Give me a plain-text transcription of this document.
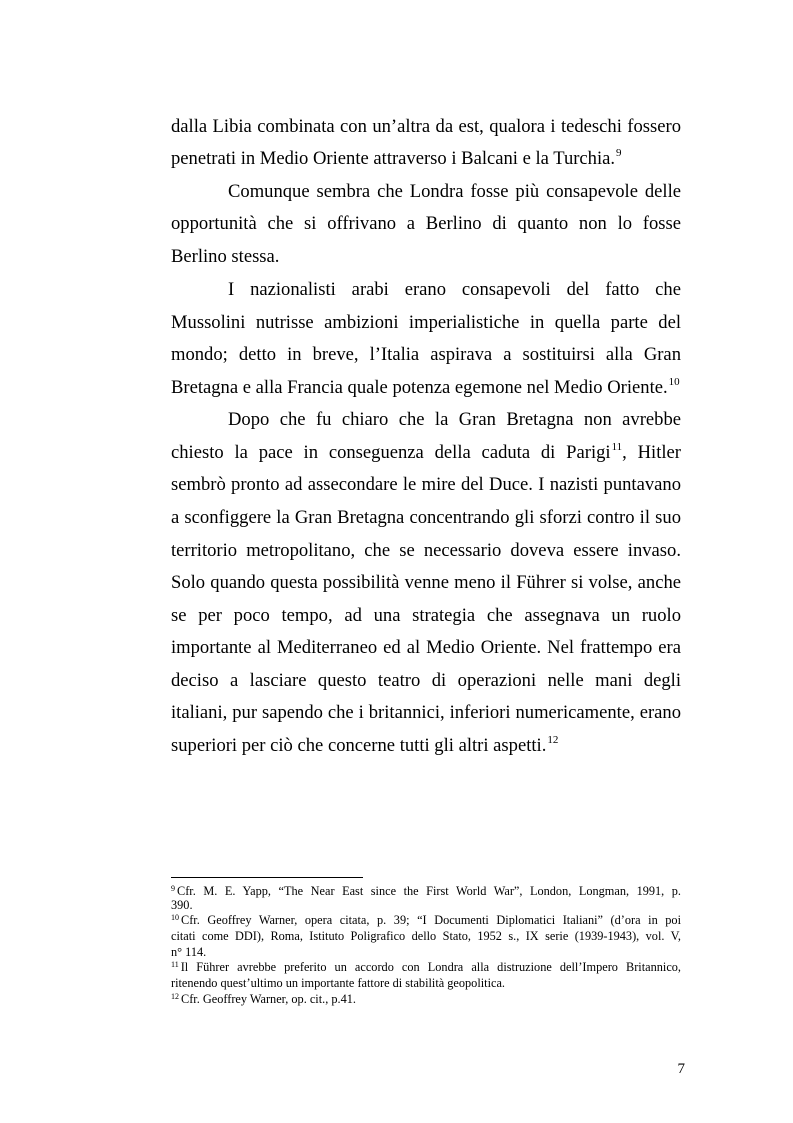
dalla Libia combinata con un’altra da est, qualora i tedeschi fossero
penetrati in Medio Oriente attraverso i Balcani e la Turchia.$^9$
Comunque sembra che Londra fosse più consapevole delle
opportunità che si offrivano a Berlino di quanto non lo fosse
Berlino stessa.
I nazionalisti arabi erano consapevoli del fatto che
Mussolini nutrisse ambizioni imperialistiche in quella parte del
mondo; detto in breve, l’Italia aspirava a sostituirsi alla Gran
Bretagna e alla Francia quale potenza egemone nel Medio Oriente.$^{10}$
Dopo che fu chiaro che la Gran Bretagna non avrebbe
chiesto la pace in conseguenza della caduta di Parigi$^{11}$, Hitler
sembrò pronto ad assecondare le mire del Duce. I nazisti puntavano
a sconfiggere la Gran Bretagna concentrando gli sforzi contro il suo
territorio metropolitano, che se necessario doveva essere invaso.
Solo quando questa possibilità venne meno il Führer si volse, anche
se per poco tempo, ad una strategia che assegnava un ruolo
importante al Mediterraneo ed al Medio Oriente. Nel frattempo era
deciso a lasciare questo teatro di operazioni nelle mani degli
italiani, pur sapendo che i britannici, inferiori numericamente, erano
superiori per ciò che concerne tutti gli altri aspetti.$^{12}$
$^9$ Cfr. M. E. Yapp, “The Near East since the First World War”, London, Longman, 1991, p.
390.
$^{10}$ Cfr. Geoffrey Warner, opera citata, p. 39; “I Documenti Diplomatici Italiani” (d’ora in poi
citati come DDI), Roma, Istituto Poligrafico dello Stato, 1952 s., IX serie (1939-1943), vol. V,
n° 114.
$^{11}$ Il Führer avrebbe preferito un accordo con Londra alla distruzione dell’Impero Britannico,
ritenendo quest’ultimo un importante fattore di stabilità geopolitica.
$^{12}$ Cfr. Geoffrey Warner, op. cit., p.41.
7
